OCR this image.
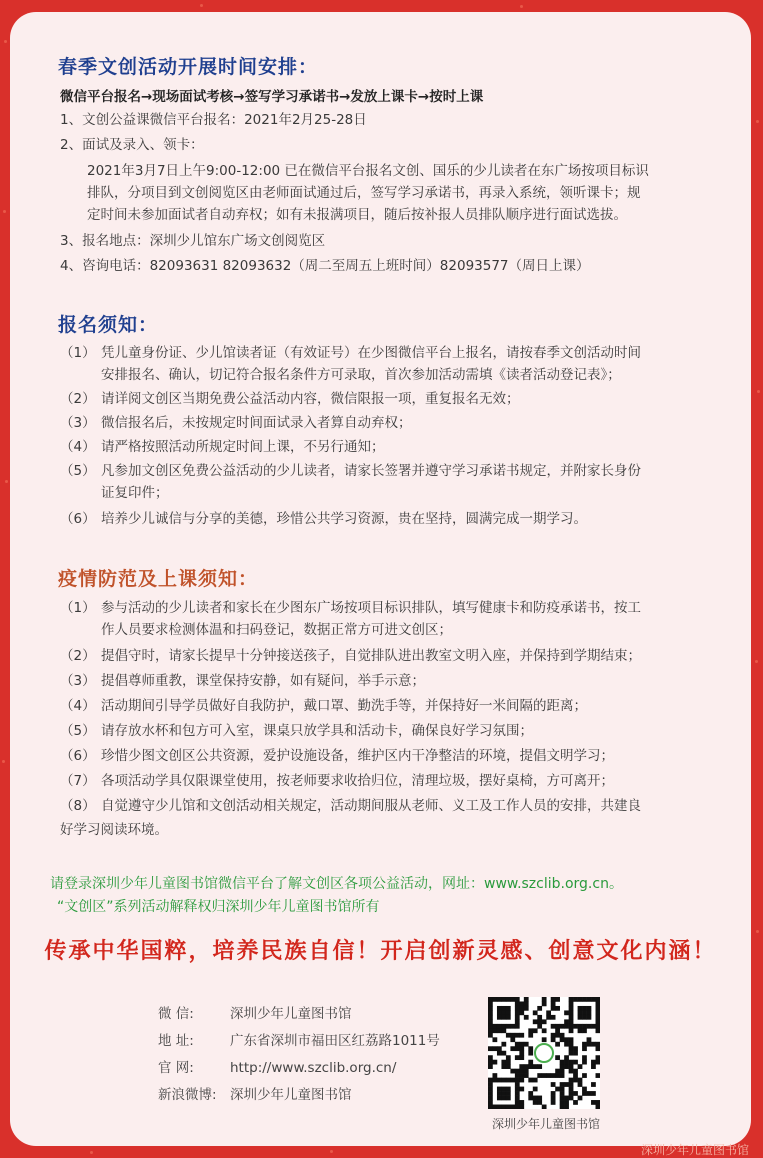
春季文创活动开展时间安排：
微信平台报名→现场面试考核→签写学习承诺书→发放上课卡→按时上课
1、文创公益课微信平台报名：2021年2月25-28日
2、面试及录入、领卡：
2021年3月7日上午9:00-12:00 已在微信平台报名文创、国乐的少儿读者在东广场按项目标识
排队，分项目到文创阅览区由老师面试通过后，签写学习承诺书，再录入系统，领听课卡；规
定时间未参加面试者自动弃权；如有未报满项目，随后按补报人员排队顺序进行面试选拔。
3、报名地点：深圳少儿馆东广场文创阅览区
4、咨询电话：82093631 82093632（周二至周五上班时间）82093577（周日上课）
报名须知：
（1） 凭儿童身份证、少儿馆读者证（有效证号）在少图微信平台上报名，请按春季文创活动时间
安排报名、确认，切记符合报名条件方可录取，首次参加活动需填《读者活动登记表》；
（2） 请详阅文创区当期免费公益活动内容，微信限报一项，重复报名无效；
（3） 微信报名后，未按规定时间面试录入者算自动弃权；
（4） 请严格按照活动所规定时间上课，不另行通知；
（5） 凡参加文创区免费公益活动的少儿读者，请家长签署并遵守学习承诺书规定，并附家长身份
证复印件；
（6） 培养少儿诚信与分享的美德，珍惜公共学习资源，贵在坚持，圆满完成一期学习。
疫情防范及上课须知：
（1） 参与活动的少儿读者和家长在少图东广场按项目标识排队，填写健康卡和防疫承诺书，按工
作人员要求检测体温和扫码登记，数据正常方可进文创区；
（2） 提倡守时，请家长提早十分钟接送孩子，自觉排队进出教室文明入座，并保持到学期结束；
（3） 提倡尊师重教，课堂保持安静，如有疑问，举手示意；
（4） 活动期间引导学员做好自我防护，戴口罩、勤洗手等，并保持好一米间隔的距离；
（5） 请存放水杯和包方可入室，课桌只放学具和活动卡，确保良好学习氛围；
（6） 珍惜少图文创区公共资源，爱护设施设备，维护区内干净整洁的环境，提倡文明学习；
（7） 各项活动学具仅限课堂使用，按老师要求收拾归位，清理垃圾，摆好桌椅，方可离开；
（8） 自觉遵守少儿馆和文创活动相关规定，活动期间服从老师、义工及工作人员的安排，共建良
好学习阅读环境。
请登录深圳少年儿童图书馆微信平台了解文创区各项公益活动，网址：www.szclib.org.cn。
“文创区”系列活动解释权归深圳少年儿童图书馆所有
传承中华国粹，培养民族自信！开启创新灵感、创意文化内涵！
微 信:	深圳少年儿童图书馆
地 址:	广东省深圳市福田区红荔路1011号
官 网:	http://www.szclib.org.cn/
新浪微博: 深圳少年儿童图书馆
深圳少年儿童图书馆
深圳少年儿童图书馆
